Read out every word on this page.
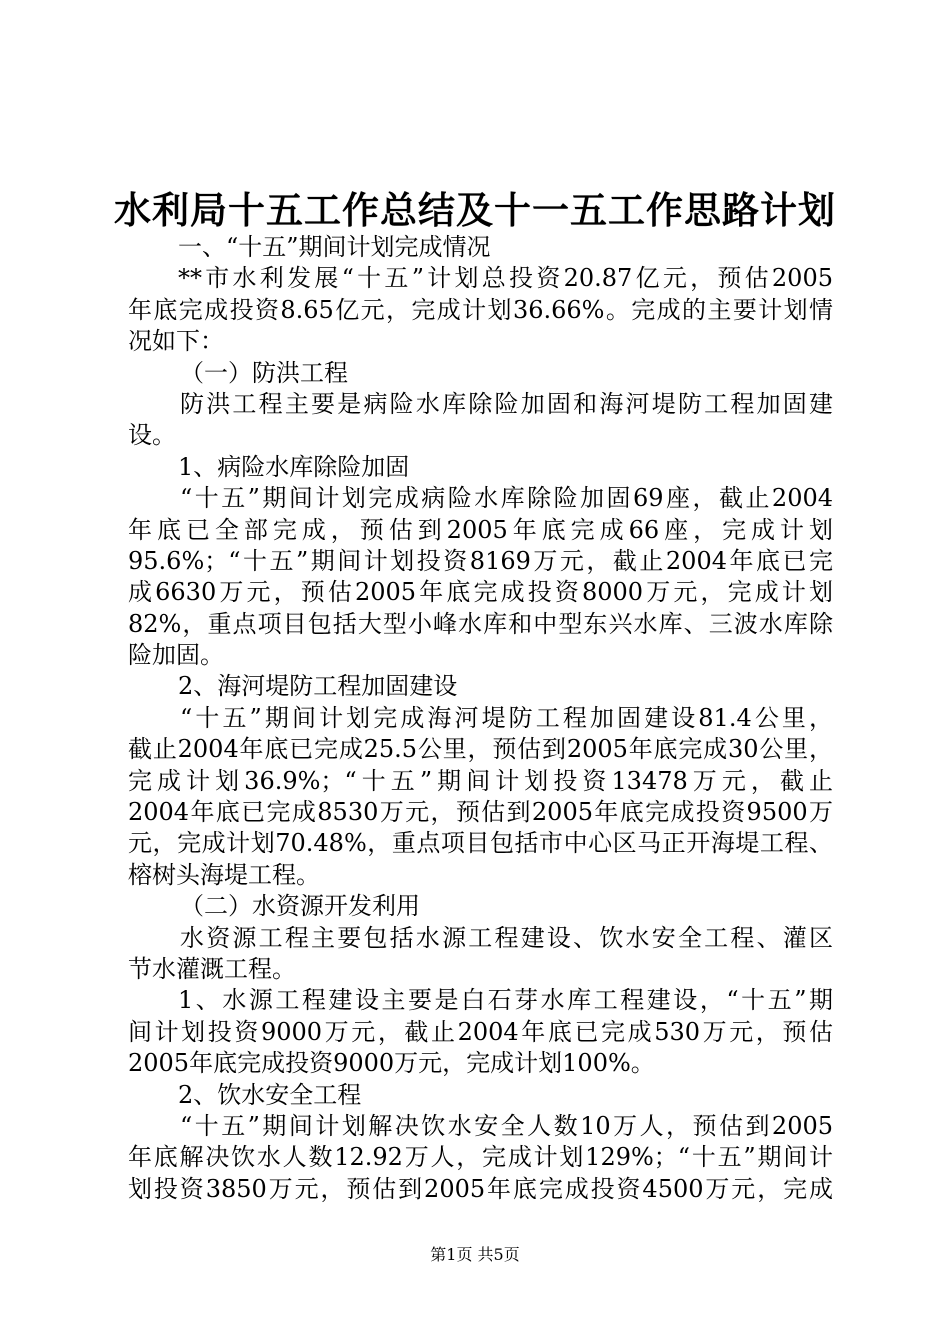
水利局十五工作总结及十一五工作思路计划
一、“十五”期间计划完成情况
**市水利发展“十五”计划总投资20.87亿元，预估2005
年底完成投资8.65亿元，完成计划36.66%。完成的主要计划情
况如下：
（一）防洪工程
防洪工程主要是病险水库除险加固和海河堤防工程加固建
设。
1、病险水库除险加固
“十五”期间计划完成病险水库除险加固69座，截止2004
年底已全部完成，预估到2005年底完成66座，完成计划
95.6%；“十五”期间计划投资8169万元，截止2004年底已完
成6630万元，预估2005年底完成投资8000万元，完成计划
82%，重点项目包括大型小峰水库和中型东兴水库、三波水库除
险加固。
2、海河堤防工程加固建设
“十五”期间计划完成海河堤防工程加固建设81.4公里，
截止2004年底已完成25.5公里，预估到2005年底完成30公里，
完成计划36.9%；“十五”期间计划投资13478万元，截止
2004年底已完成8530万元，预估到2005年底完成投资9500万
元，完成计划70.48%，重点项目包括市中心区马正开海堤工程、
榕树头海堤工程。
（二）水资源开发利用
水资源工程主要包括水源工程建设、饮水安全工程、灌区
节水灌溉工程。
1、水源工程建设主要是白石芽水库工程建设，“十五”期
间计划投资9000万元，截止2004年底已完成530万元，预估
2005年底完成投资9000万元，完成计划100%。
2、饮水安全工程
“十五”期间计划解决饮水安全人数10万人，预估到2005
年底解决饮水人数12.92万人，完成计划129%；“十五”期间计
划投资3850万元，预估到2005年底完成投资4500万元，完成
第1页 共5页
